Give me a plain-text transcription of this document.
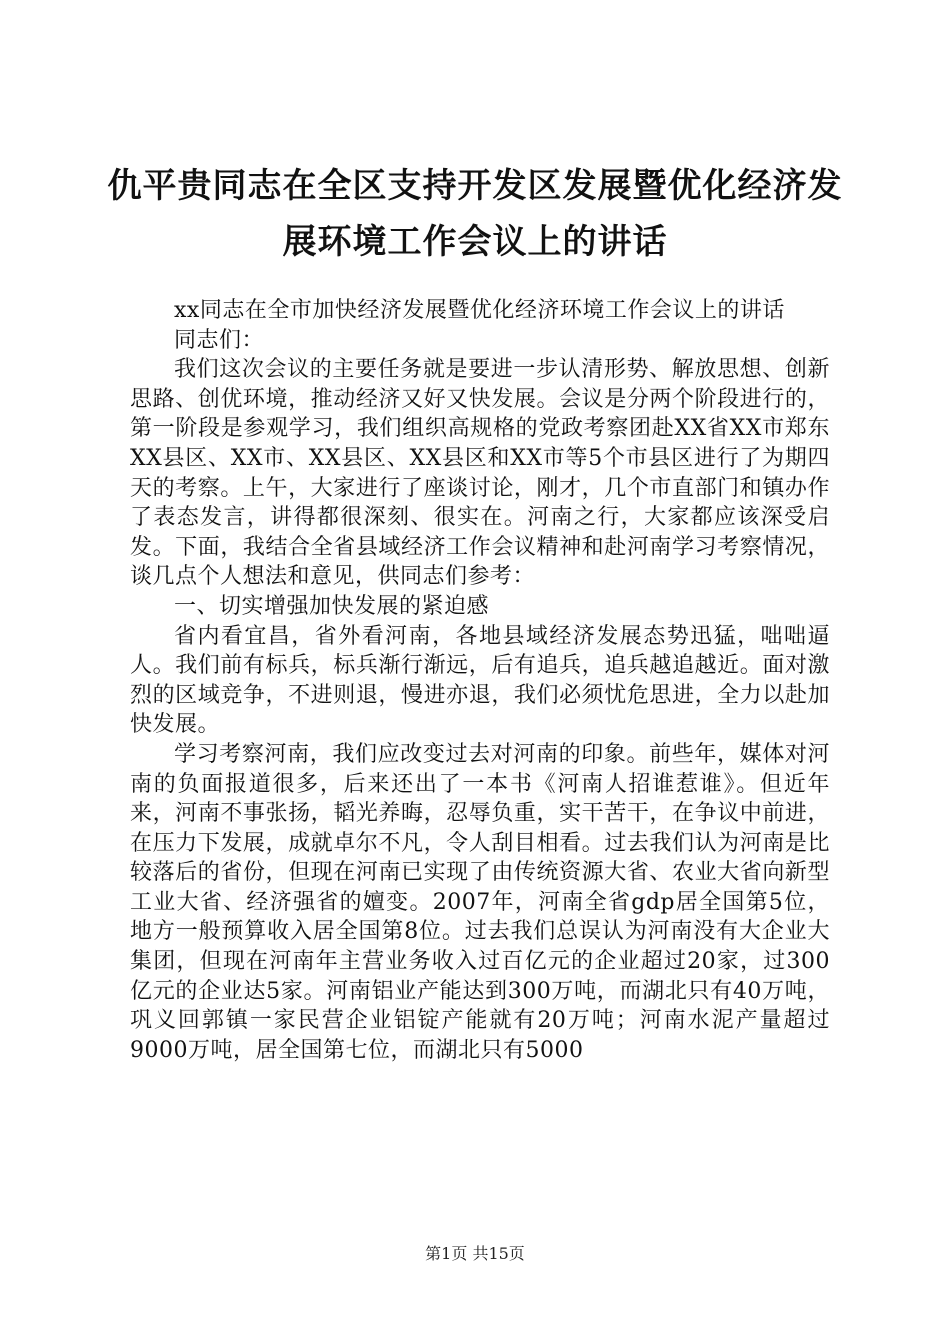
仇平贵同志在全区支持开发区发展暨优化经济发展环境工作会议上的讲话

xx同志在全市加快经济发展暨优化经济环境工作会议上的讲话

同志们：

我们这次会议的主要任务就是要进一步认清形势、解放思想、创新思路、创优环境，推动经济又好又快发展。会议是分两个阶段进行的，第一阶段是参观学习，我们组织高规格的党政考察团赴XX省XX市郑东XX县区、XX市、XX县区、XX县区和XX市等5个市县区进行了为期四天的考察。上午，大家进行了座谈讨论，刚才，几个市直部门和镇办作了表态发言，讲得都很深刻、很实在。河南之行，大家都应该深受启发。下面，我结合全省县域经济工作会议精神和赴河南学习考察情况，谈几点个人想法和意见，供同志们参考：

一、切实增强加快发展的紧迫感

省内看宜昌，省外看河南，各地县域经济发展态势迅猛，咄咄逼人。我们前有标兵，标兵渐行渐远，后有追兵，追兵越追越近。面对激烈的区域竞争，不进则退，慢进亦退，我们必须忧危思进，全力以赴加快发展。

学习考察河南，我们应改变过去对河南的印象。前些年，媒体对河南的负面报道很多，后来还出了一本书《河南人招谁惹谁》。但近年来，河南不事张扬，韬光养晦，忍辱负重，实干苦干，在争议中前进，在压力下发展，成就卓尔不凡，令人刮目相看。过去我们认为河南是比较落后的省份，但现在河南已实现了由传统资源大省、农业大省向新型工业大省、经济强省的嬗变。2007年，河南全省gdp居全国第5位，地方一般预算收入居全国第8位。过去我们总误认为河南没有大企业大集团，但现在河南年主营业务收入过百亿元的企业超过20家，过300亿元的企业达5家。河南铝业产能达到300万吨，而湖北只有40万吨，巩义回郭镇一家民营企业铝锭产能就有20万吨；河南水泥产量超过9000万吨，居全国第七位，而湖北只有5000

第1页 共15页
